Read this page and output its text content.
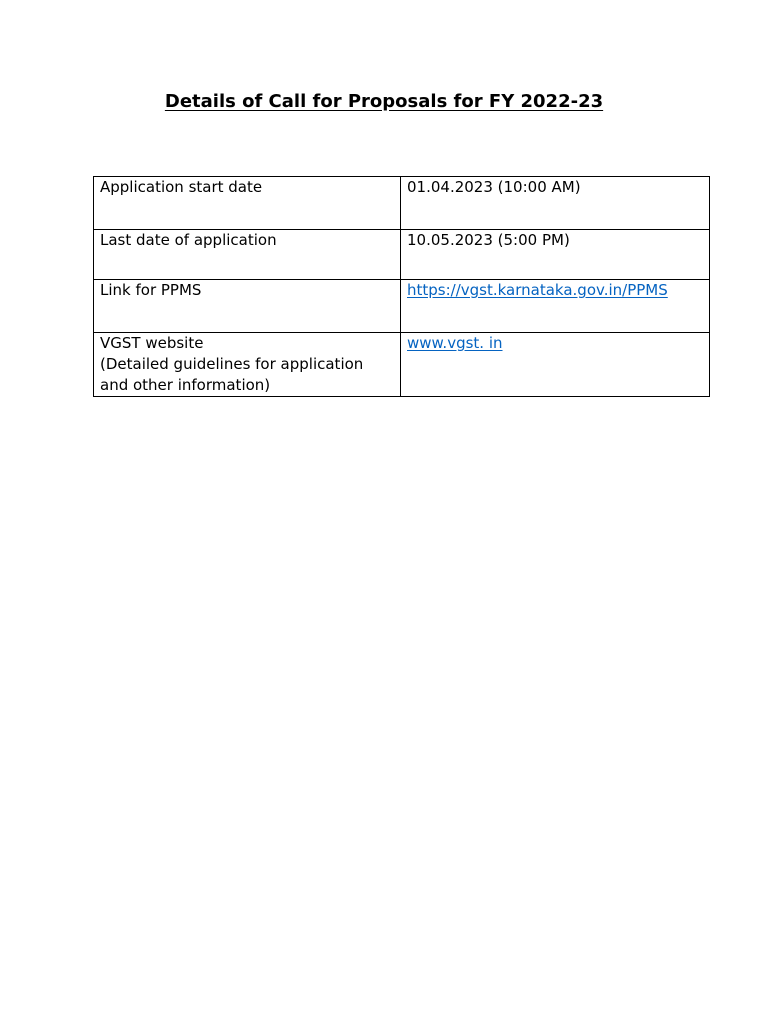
Details of Call for Proposals for FY 2022-23
Application start date	01.04.2023 (10:00 AM)

Last date of application	10.05.2023 (5:00 PM)

Link for PPMS	https://vgst.karnataka.gov.in/PPMS

VGST website
(Detailed guidelines for application and other information)	www.vgst. in
